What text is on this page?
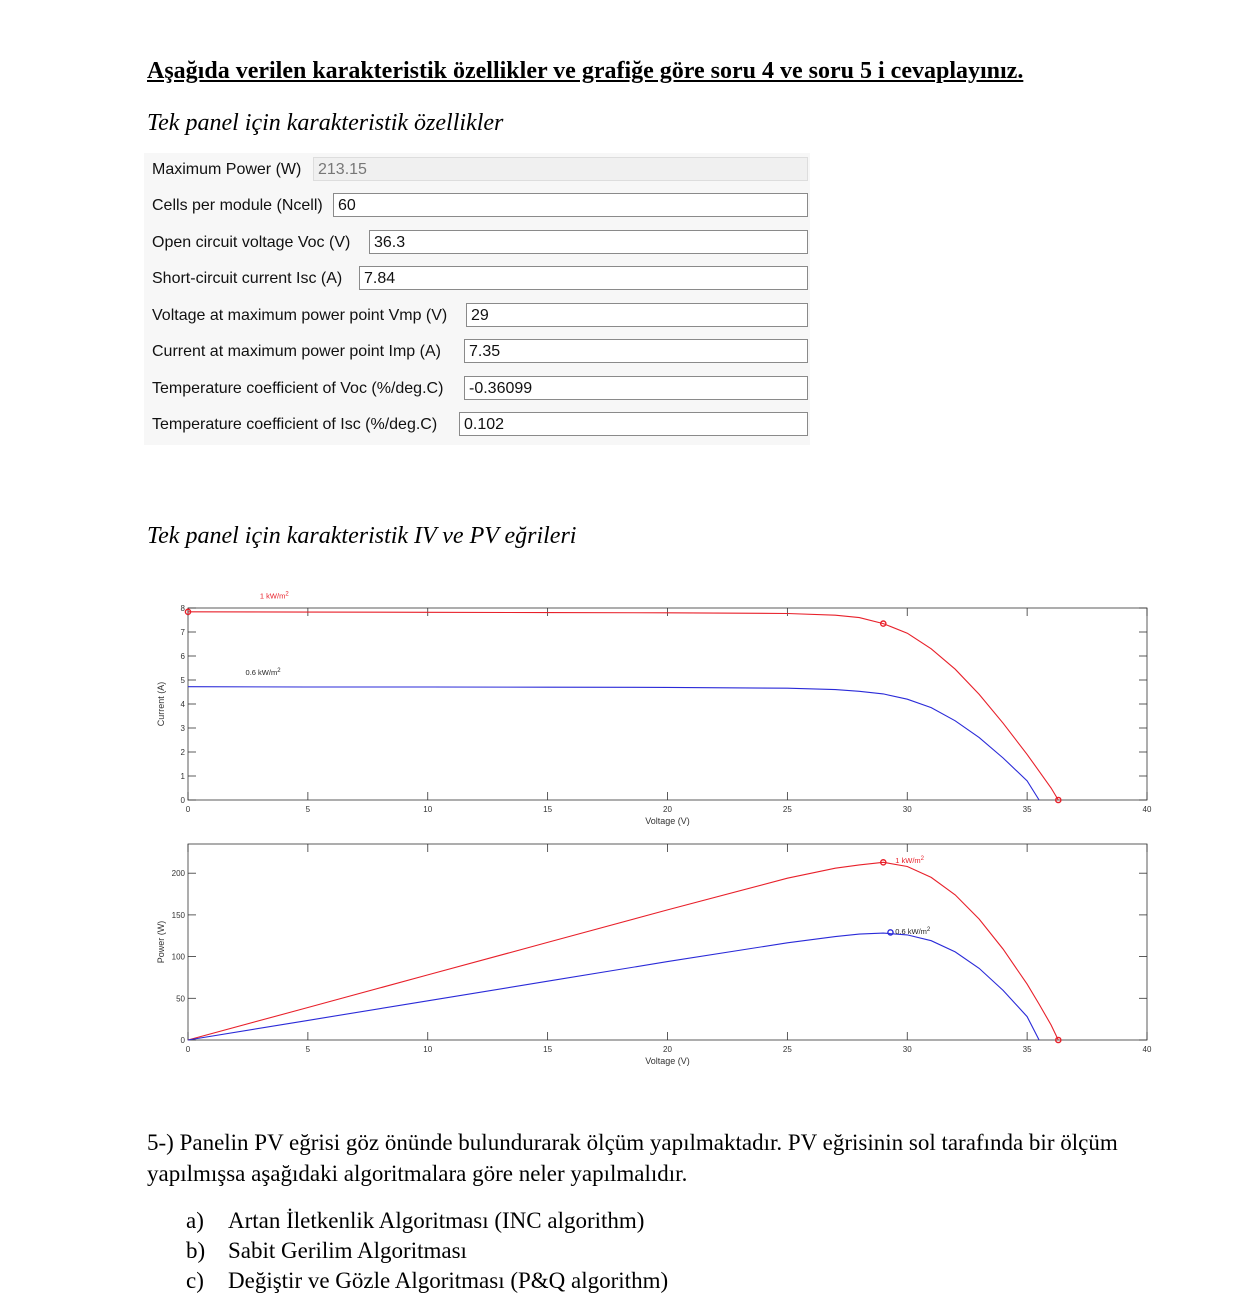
Aşağıda verilen karakteristik özellikler ve grafiğe göre soru 4 ve soru 5 i cevaplayınız.
Tek panel için karakteristik özellikler
Maximum Power (W)	213.15
Cells per module (Ncell) 60
Open circuit voltage Voc (V)	36.3
Short-circuit current Isc (A)	7.84
Voltage at maximum power point Vmp (V)	29
Current at maximum power point Imp (A)	7.35
Temperature coefficient of Voc (%/deg.C)	-0.36099
Temperature coefficient of Isc (%/deg.C)	0.102
Tek panel için karakteristik IV ve PV eğrileri
0	5	10	15	20	25	30	35	40
0
1
2
3
4
5
6
7
8
Voltage (V)
Current (A)
1 $kW/m^2$
0.6 $kW/m^2$
0	5	10	15	20	25	30	35	40
0
50
100
150
200
Voltage (V)
Power (W)
1 $kW/m^2$
0.6 $kW/m^2$
5-) Panelin PV eğrisi göz önünde bulundurarak ölçüm yapılmaktadır. PV eğrisinin sol tarafında bir ölçüm yapılmışsa aşağıdaki algoritmalara göre neler yapılmalıdır.
a) Artan İletkenlik Algoritması (INC algorithm)
b) Sabit Gerilim Algoritması
c) Değiştir ve Gözle Algoritması (P&Q algorithm)
